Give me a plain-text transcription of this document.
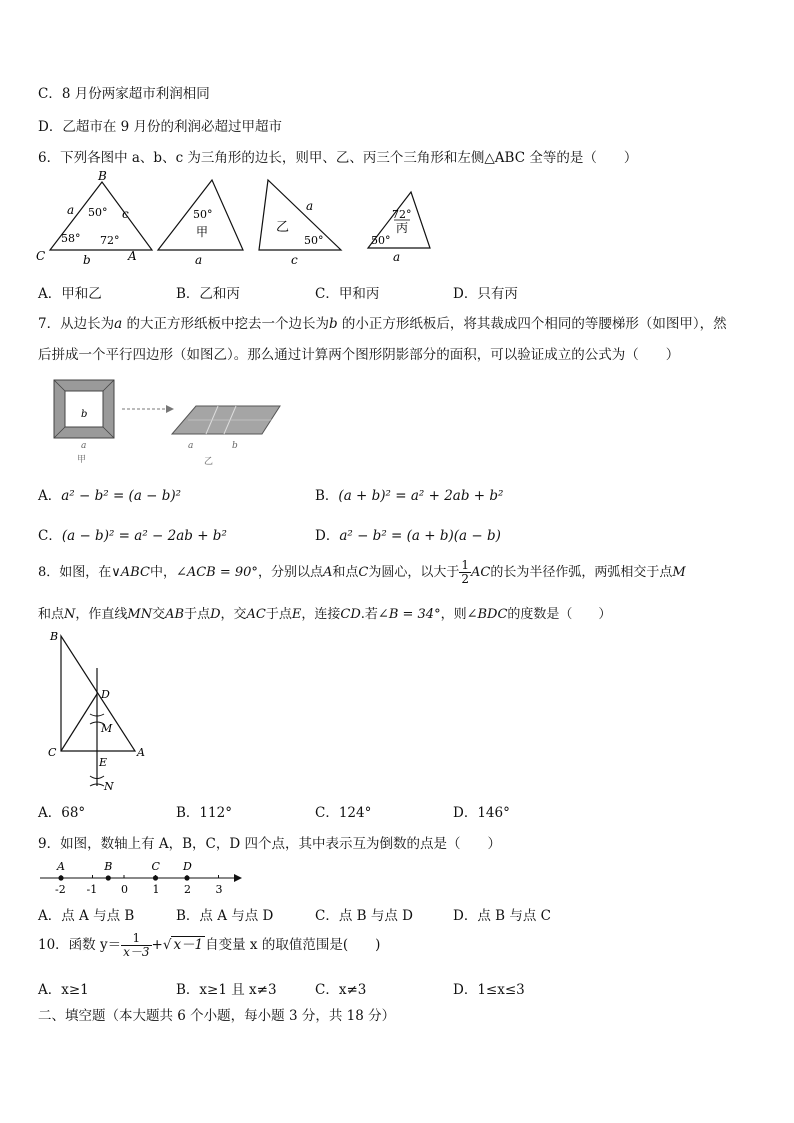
C．8 月份两家超市利润相同
D．乙超市在 9 月份的利润必超过甲超市
6．下列各图中 a、b、c 为三角形的边长，则甲、乙、丙三个三角形和左侧△ABC 全等的是（　　）
B
C	A
a
b
c
50°
58° 72°
50°
甲
a
a
乙
50°
c
72°
丙
50°
a
A．甲和乙	B．乙和丙	C．甲和丙	D．只有丙
7．从边长为a 的大正方形纸板中挖去一个边长为b 的小正方形纸板后，将其裁成四个相同的等腰梯形（如图甲），然
后拼成一个平行四边形（如图乙）。那么通过计算两个图形阴影部分的面积，可以验证成立的公式为（　　）
b
a
甲
a	b
乙
A．a² − b² = (a − b)²	B．(a + b)² = a² + 2ab + b²
C．(a − b)² = a² − 2ab + b²	D．a² − b² = (a + b)(a − b)
8．如图，在∨ABC中，∠ACB = 90°，分别以点A和点C为圆心，以大于 $\frac{1}{2}$ AC的长为半径作弧，两弧相交于点M
和点N，作直线MN交AB于点D，交AC于点E，连接CD.若∠B = 34°，则∠BDC的度数是（　　）
B
D
M
C	A
E
N
A．68°	B．112°	C．124°	D．146°
9．如图，数轴上有 A，B，C，D 四个点，其中表示互为倒数的点是（　　）
-2 -1 0 1 2 3
A	B	C D
A．点 A 与点 B	B．点 A 与点 D	C．点 B 与点 D	D．点 B 与点 C
10．函数 $y= \frac{1}{x-3}$ +√ x－1 自变量 x 的取值范围是(　　)
A．x≥1	B．x≥1 且 x≠3	C．x≠3	D．1≤x≤3
二、填空题（本大题共 6 个小题，每小题 3 分，共 18 分）
